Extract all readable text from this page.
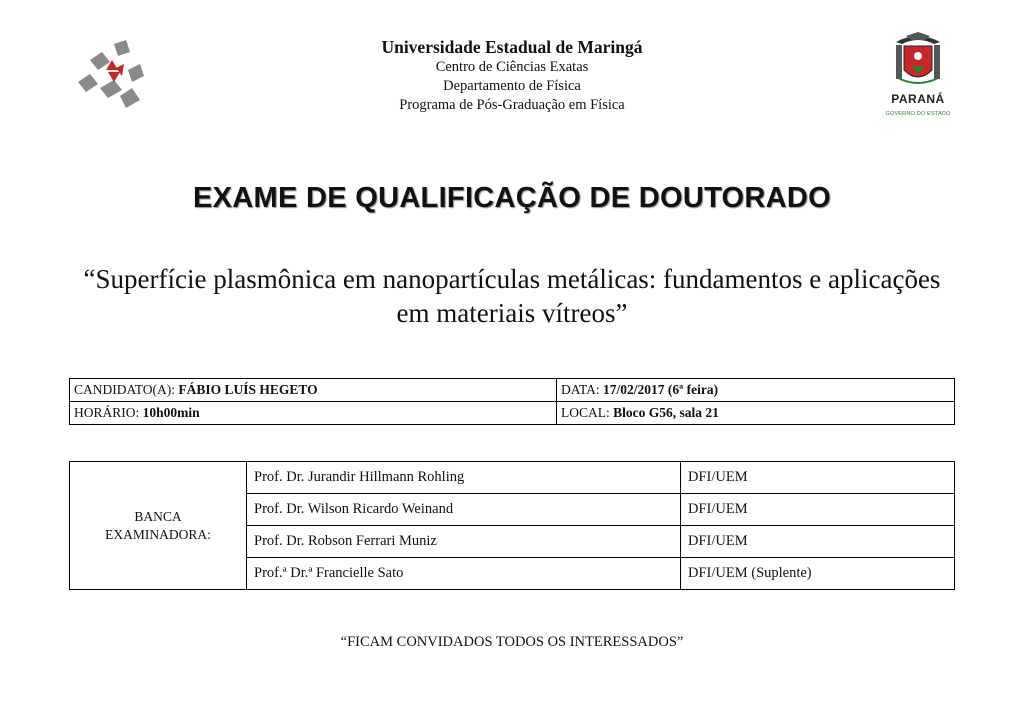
Universidade Estadual de Maringá
Centro de Ciências Exatas
Departamento de Física
Programa de Pós-Graduação em Física	PARANÁ
GOVERNO DO ESTADO
EXAME DE QUALIFICAÇÃO DE DOUTORADO
“Superfície plasmônica em nanopartículas metálicas: fundamentos e aplicações em materiais vítreos”
CANDIDATO(A): FÁBIO LUÍS HEGETO	DATA: 17/02/2017 (6ª feira)
HORÁRIO: 10h00min	LOCAL: Bloco G56, sala 21
BANCA
EXAMINADORA:	Prof. Dr. Jurandir Hillmann Rohling	DFI/UEM
	Prof. Dr. Wilson Ricardo Weinand	DFI/UEM
	Prof. Dr. Robson Ferrari Muniz	DFI/UEM
	Prof.ª Dr.ª Francielle Sato	DFI/UEM (Suplente)
“FICAM CONVIDADOS TODOS OS INTERESSADOS”
